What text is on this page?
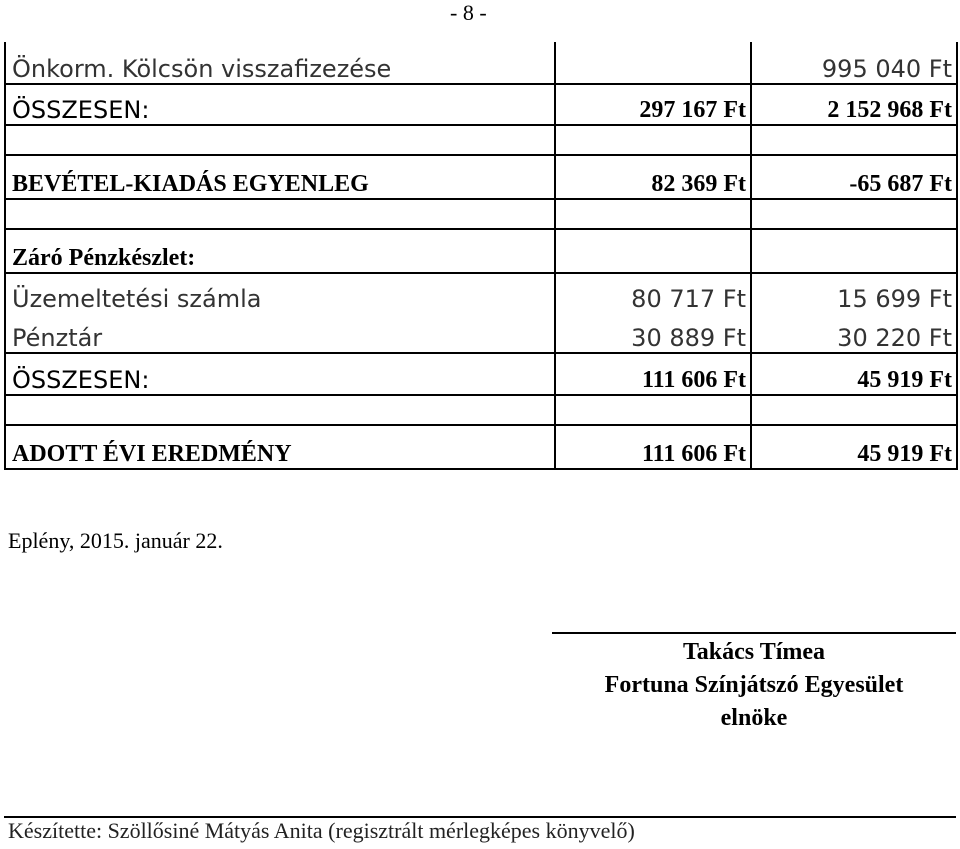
- 8 -
Önkorm. Kölcsön visszafizezése		995 040 Ft
ÖSSZESEN:	297 167 Ft	2 152 968 Ft

BEVÉTEL-KIADÁS EGYENLEG	82 369 Ft	-65 687 Ft

Záró Pénzkészlet:		
Üzemeltetési számla	80 717 Ft	15 699 Ft
Pénztár	30 889 Ft	30 220 Ft
ÖSSZESEN:	111 606 Ft	45 919 Ft

ADOTT ÉVI EREDMÉNY	111 606 Ft	45 919 Ft
Eplény, 2015. január 22.
Takács Tímea
Fortuna Színjátszó Egyesület
elnöke
Készítette: Szöllősiné Mátyás Anita (regisztrált mérlegképes könyvelő)
